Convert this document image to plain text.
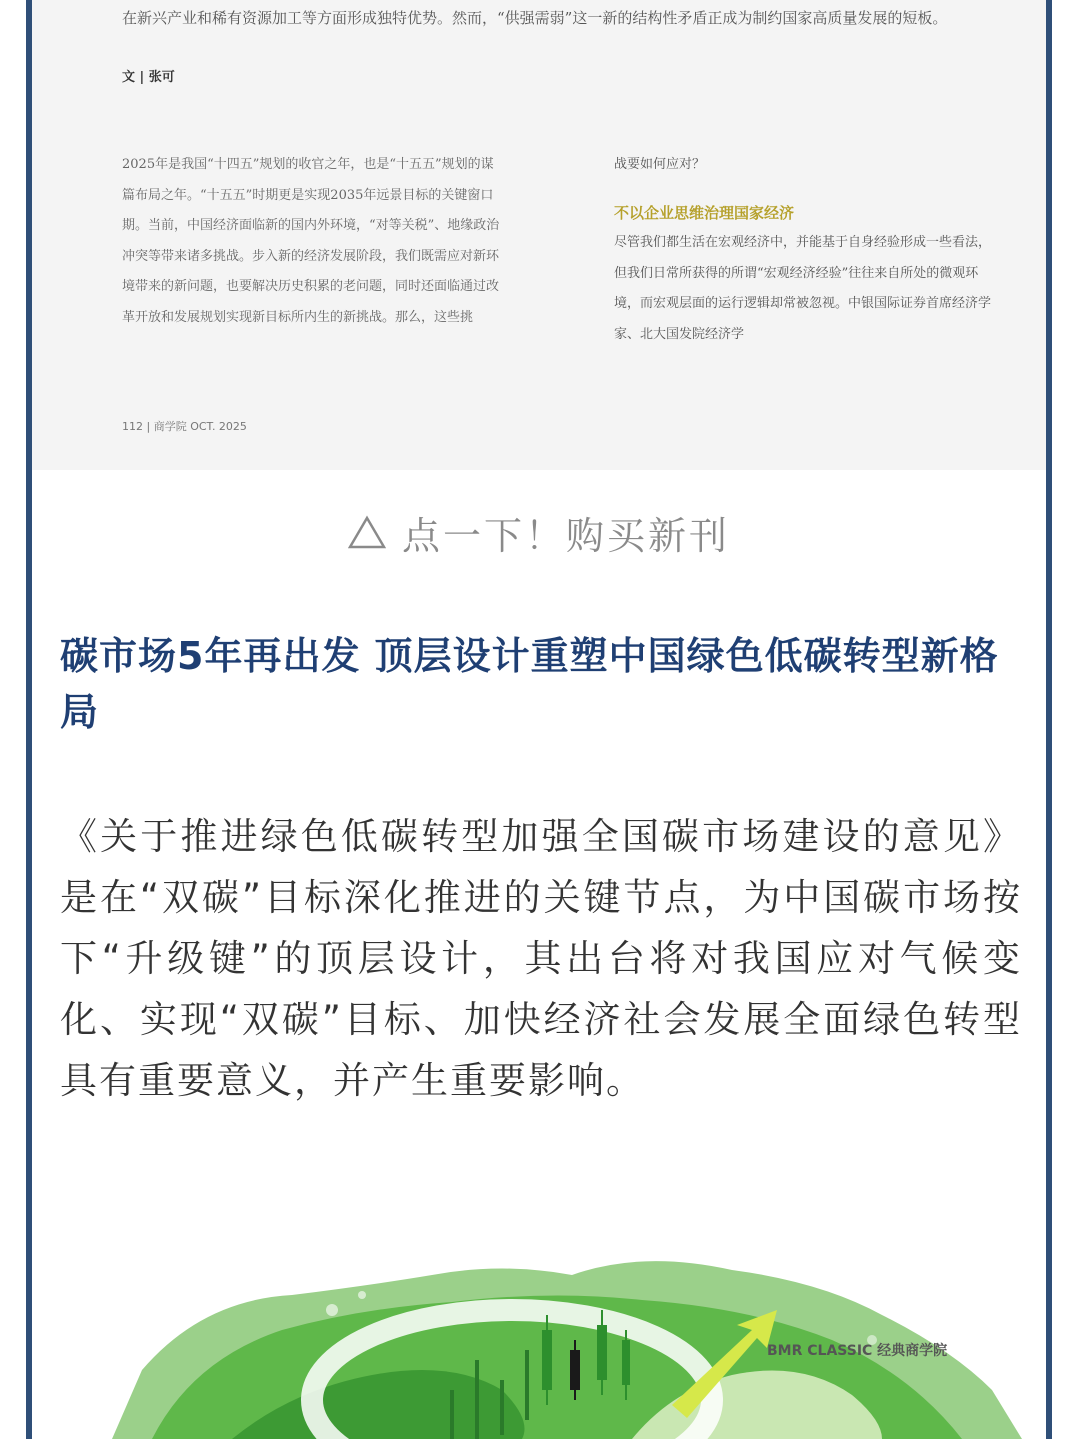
在新兴产业和稀有资源加工等方面形成独特优势。然而，“供强需弱”这一新的结构性矛盾正成为制约国家高质量发展的短板。

文 | 张可

2025年是我国“十四五”规划的收官之年，也是“十五五”规划的谋篇布局之年。“十五五”时期更是实现2035年远景目标的关键窗口期。当前，中国经济面临新的国内外环境，“对等关税”、地缘政治冲突等带来诸多挑战。步入新的经济发展阶段，我们既需应对新环境带来的新问题，也要解决历史积累的老问题，同时还面临通过改革开放和发展规划实现新目标所内生的新挑战。那么，这些挑

战要如何应对？

不以企业思维治理国家经济

尽管我们都生活在宏观经济中，并能基于自身经验形成一些看法，但我们日常所获得的所谓“宏观经济经验”往往来自所处的微观环境，而宏观层面的运行逻辑却常被忽视。中银国际证券首席经济学家、北大国发院经济学

112 | 商学院 OCT. 2025

点一下！购买新刊
碳市场5年再出发 顶层设计重塑中国绿色低碳转型新格局

《关于推进绿色低碳转型加强全国碳市场建设的意见》是在“双碳”目标深化推进的关键节点，为中国碳市场按下“升级键”的顶层设计，其出台将对我国应对气候变化、实现“双碳”目标、加快经济社会发展全面绿色转型具有重要意义，并产生重要影响。

BMR CLASSIC 经典商学院
